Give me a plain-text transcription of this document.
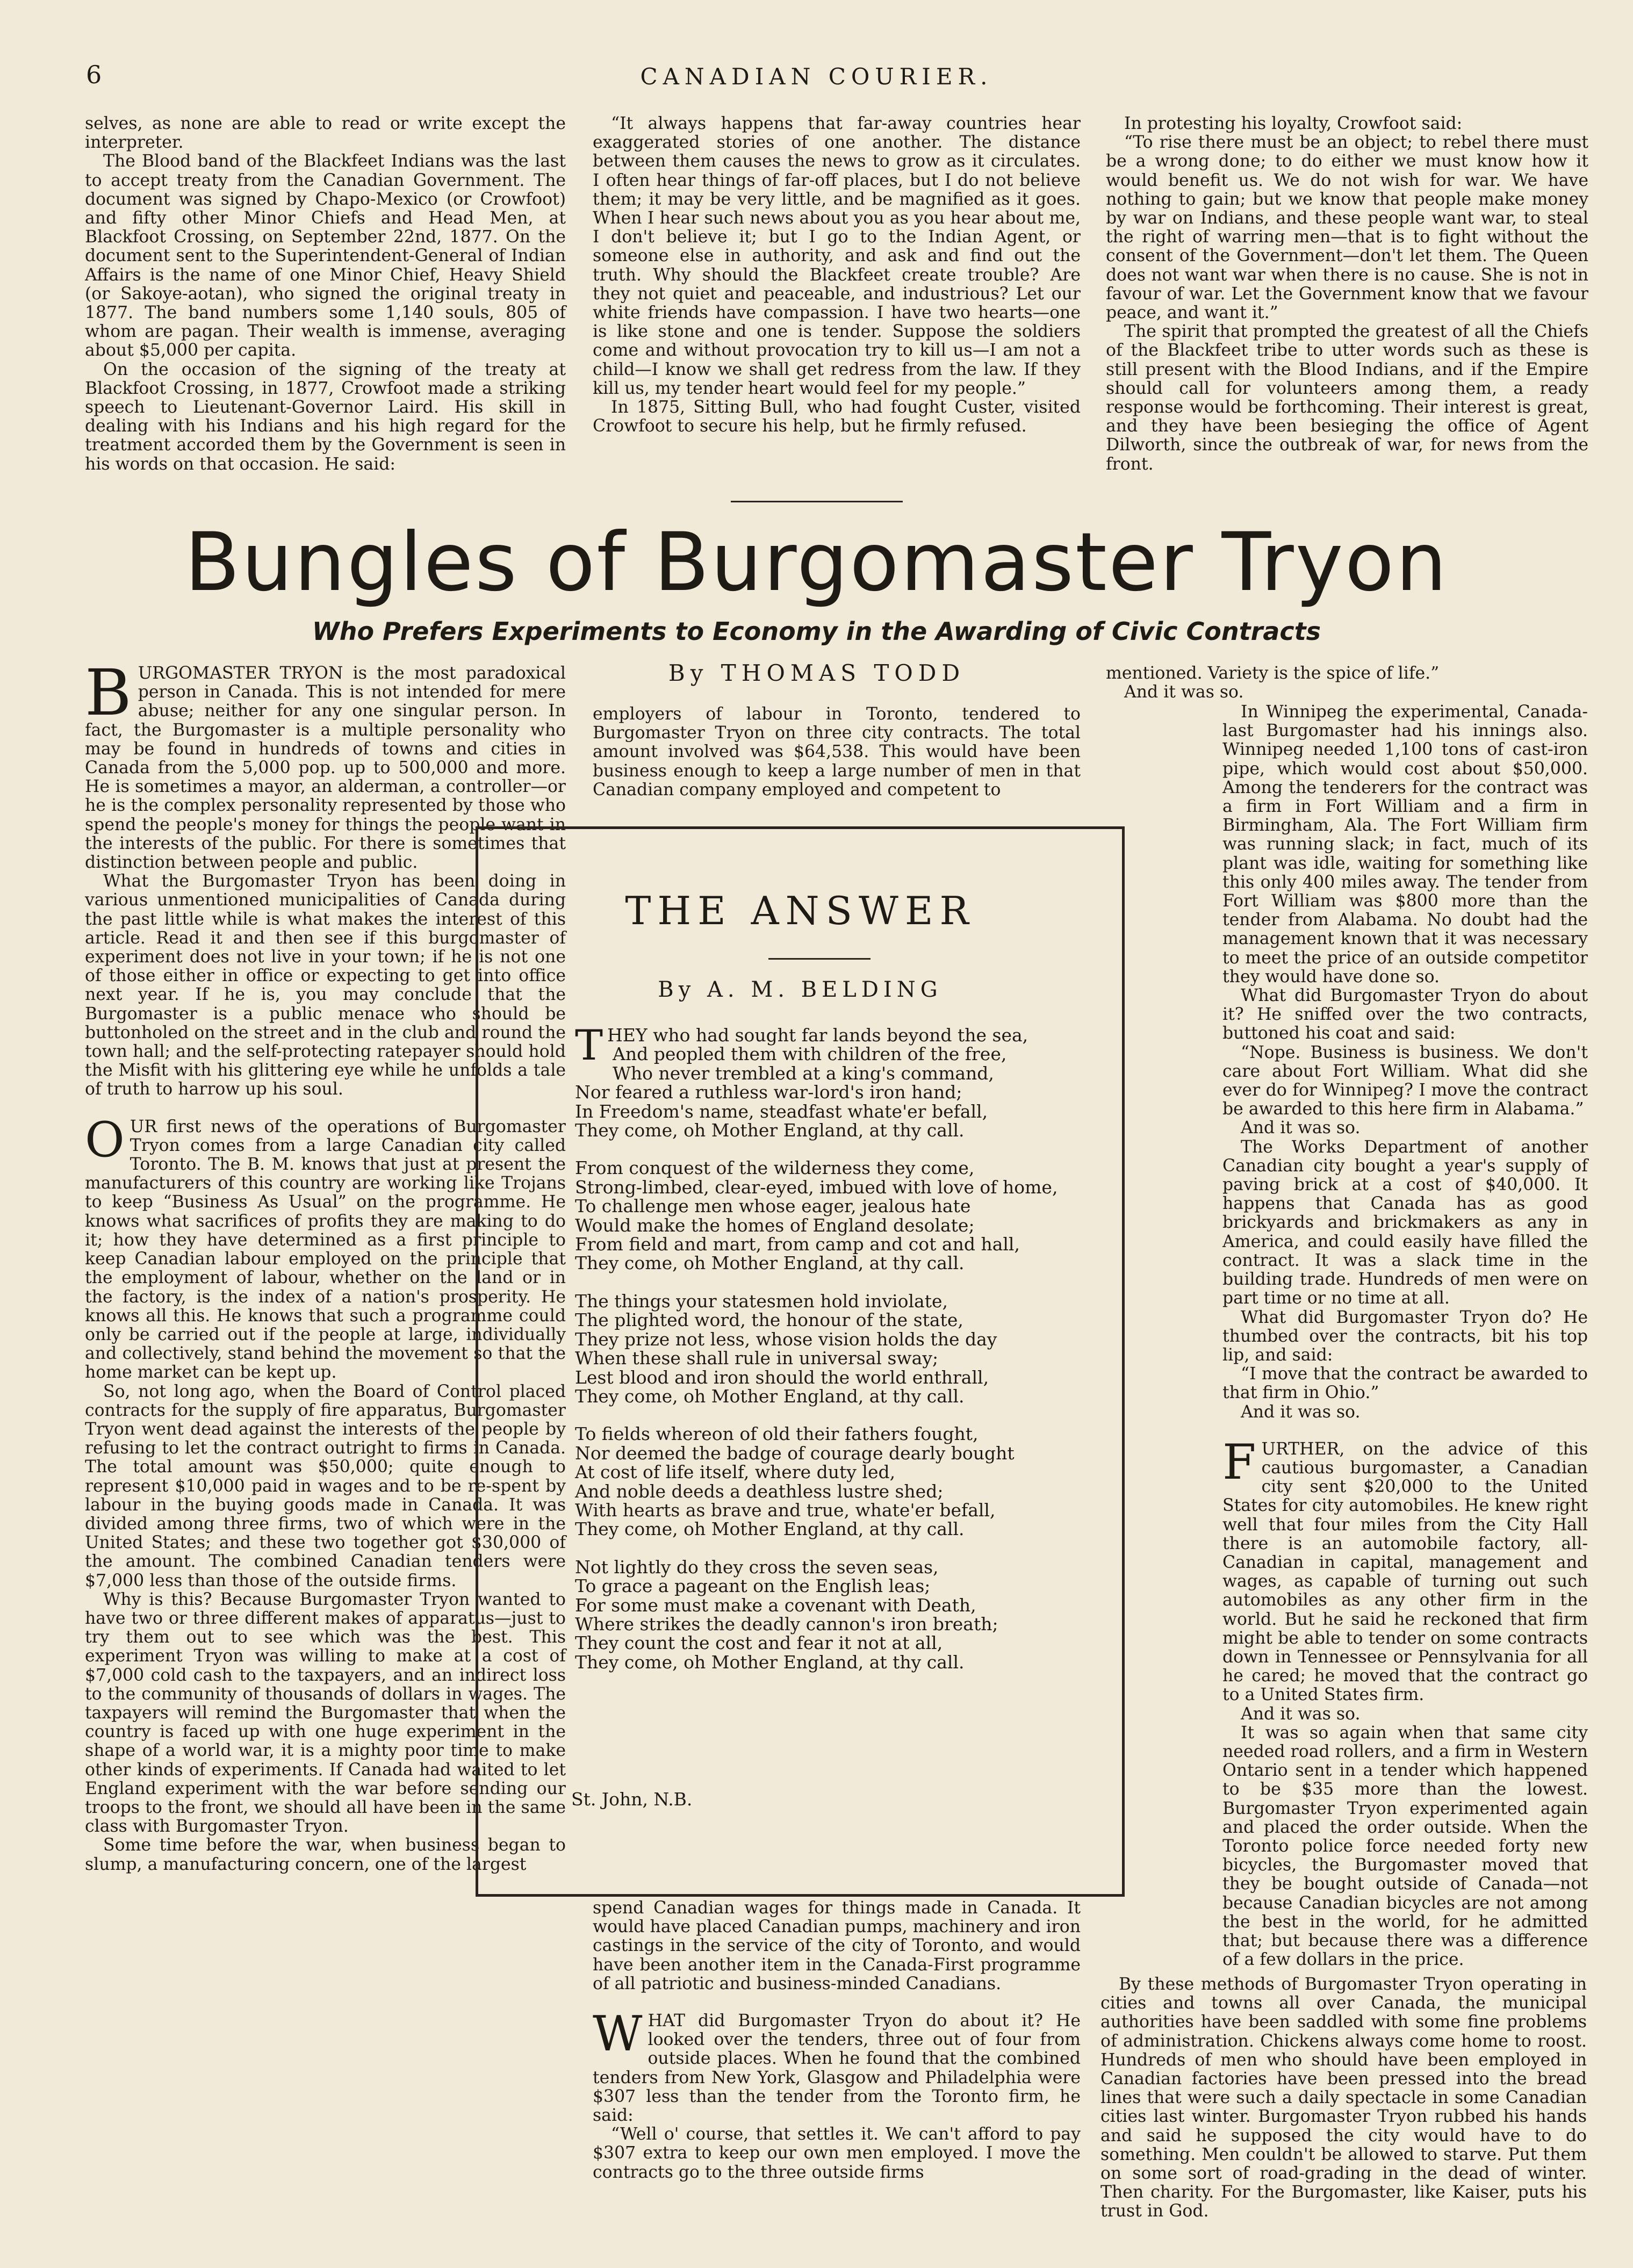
6	CANADIAN COURIER.

selves, as none are able to read or write except the interpreter.

The Blood band of the Blackfeet Indians was the last to accept treaty from the Canadian Government. The document was signed by Chapo-Mexico (or Crowfoot) and fifty other Minor Chiefs and Head Men, at Blackfoot Crossing, on September 22nd, 1877. On the document sent to the Superintendent-General of Indian Affairs is the name of one Minor Chief, Heavy Shield (or Sakoye-aotan), who signed the original treaty in 1877. The band numbers some 1,140 souls, 805 of whom are pagan. Their wealth is immense, averaging about $5,000 per capita.

On the occasion of the signing of the treaty at Blackfoot Crossing, in 1877, Crowfoot made a striking speech to Lieutenant-Governor Laird. His skill in dealing with his Indians and his high regard for the treatment accorded them by the Government is seen in his words on that occasion. He said:

“It always happens that far-away countries hear exaggerated stories of one another. The distance between them causes the news to grow as it circulates. I often hear things of far-off places, but I do not believe them; it may be very little, and be magnified as it goes. When I hear such news about you as you hear about me, I don't believe it; but I go to the Indian Agent, or someone else in authority, and ask and find out the truth. Why should the Blackfeet create trouble? Are they not quiet and peaceable, and industrious? Let our white friends have compassion. I have two hearts—one is like stone and one is tender. Suppose the soldiers come and without provocation try to kill us—I am not a child—I know we shall get redress from the law. If they kill us, my tender heart would feel for my people.”

In 1875, Sitting Bull, who had fought Custer, visited Crowfoot to secure his help, but he firmly refused.

In protesting his loyalty, Crowfoot said:

“To rise there must be an object; to rebel there must be a wrong done; to do either we must know how it would benefit us. We do not wish for war. We have nothing to gain; but we know that people make money by war on Indians, and these people want war, to steal the right of warring men—that is to fight without the consent of the Government—don't let them. The Queen does not want war when there is no cause. She is not in favour of war. Let the Government know that we favour peace, and want it.”

The spirit that prompted the greatest of all the Chiefs of the Blackfeet tribe to utter words such as these is still present with the Blood Indians, and if the Empire should call for volunteers among them, a ready response would be forthcoming. Their interest is great, and they have been besieging the office of Agent Dilworth, since the outbreak of war, for news from the front.

Bungles of Burgomaster Tryon
Who Prefers Experiments to Economy in the Awarding of Civic Contracts
By THOMAS TODD

BURGOMASTER TRYON is the most paradoxical person in Canada. This is not intended for mere abuse; neither for any one singular person. In fact, the Burgomaster is a multiple personality who may be found in hundreds of towns and cities in Canada from the 5,000 pop. up to 500,000 and more. He is sometimes a mayor, an alderman, a controller—or he is the complex personality represented by those who spend the people's money for things the people want in the interests of the public. For there is sometimes that distinction between people and public.

What the Burgomaster Tryon has been doing in various unmentioned municipalities of Canada during the past little while is what makes the interest of this article. Read it and then see if this burgomaster of experiment does not live in your town; if he is not one of those either in office or expecting to get into office next year. If he is, you may conclude that the Burgomaster is a public menace who should be buttonholed on the street and in the club and round the town hall; and the self-protecting ratepayer should hold the Misfit with his glittering eye while he unfolds a tale of truth to harrow up his soul.

OUR first news of the operations of Burgomaster Tryon comes from a large Canadian city called Toronto. The B. M. knows that just at present the manufacturers of this country are working like Trojans to keep “Business As Usual” on the programme. He knows what sacrifices of profits they are making to do it; how they have determined as a first principle to keep Canadian labour employed on the principle that the employment of labour, whether on the land or in the factory, is the index of a nation's prosperity. He knows all this. He knows that such a programme could only be carried out if the people at large, individually and collectively, stand behind the movement so that the home market can be kept up.

So, not long ago, when the Board of Control placed contracts for the supply of fire apparatus, Burgomaster Tryon went dead against the interests of the people by refusing to let the contract outright to firms in Canada. The total amount was $50,000; quite enough to represent $10,000 paid in wages and to be re-spent by labour in the buying goods made in Canada. It was divided among three firms, two of which were in the United States; and these two together got $30,000 of the amount. The combined Canadian tenders were $7,000 less than those of the outside firms.

Why is this? Because Burgomaster Tryon wanted to have two or three different makes of apparatus—just to try them out to see which was the best. This experiment Tryon was willing to make at a cost of $7,000 cold cash to the taxpayers, and an indirect loss to the community of thousands of dollars in wages. The taxpayers will remind the Burgomaster that when the country is faced up with one huge experiment in the shape of a world war, it is a mighty poor time to make other kinds of experiments. If Canada had waited to let England experiment with the war before sending our troops to the front, we should all have been in the same class with Burgomaster Tryon.

Some time before the war, when business began to slump, a manufacturing concern, one of the largest

employers of labour in Toronto, tendered to Burgomaster Tryon on three city contracts. The total amount involved was $64,538. This would have been business enough to keep a large number of men in that Canadian company employed and competent to

THE ANSWER
By A. M. BELDING
THEY who had sought far lands beyond the sea,
And peopled them with children of the free,
Who never trembled at a king's command,
Nor feared a ruthless war-lord's iron hand;
In Freedom's name, steadfast whate'er befall,
They come, oh Mother England, at thy call.
From conquest of the wilderness they come,
Strong-limbed, clear-eyed, imbued with love of home,
To challenge men whose eager, jealous hate
Would make the homes of England desolate;
From field and mart, from camp and cot and hall,
They come, oh Mother England, at thy call.
The things your statesmen hold inviolate,
The plighted word, the honour of the state,
They prize not less, whose vision holds the day
When these shall rule in universal sway;
Lest blood and iron should the world enthrall,
They come, oh Mother England, at thy call.
To fields whereon of old their fathers fought,
Nor deemed the badge of courage dearly bought
At cost of life itself, where duty led,
And noble deeds a deathless lustre shed;
With hearts as brave and true, whate'er befall,
They come, oh Mother England, at thy call.
Not lightly do they cross the seven seas,
To grace a pageant on the English leas;
For some must make a covenant with Death,
Where strikes the deadly cannon's iron breath;
They count the cost and fear it not at all,
They come, oh Mother England, at thy call.
St. John, N.B.

spend Canadian wages for things made in Canada. It would have placed Canadian pumps, machinery and iron castings in the service of the city of Toronto, and would have been another item in the Canada-First programme of all patriotic and business-minded Canadians.

WHAT did Burgomaster Tryon do about it? He looked over the tenders, three out of four from outside places. When he found that the combined tenders from New York, Glasgow and Philadelphia were $307 less than the tender from the Toronto firm, he said:

“Well o' course, that settles it. We can't afford to pay $307 extra to keep our own men employed. I move the contracts go to the three outside firms

mentioned. Variety is the spice of life.”

And it was so.

In Winnipeg the experimental, Canada-last Burgomaster had his innings also. Winnipeg needed 1,100 tons of cast-iron pipe, which would cost about $50,000. Among the tenderers for the contract was a firm in Fort William and a firm in Birmingham, Ala. The Fort William firm was running slack; in fact, much of its plant was idle, waiting for something like this only 400 miles away. The tender from Fort William was $800 more than the tender from Alabama. No doubt had the management known that it was necessary to meet the price of an outside competitor they would have done so.

What did Burgomaster Tryon do about it? He sniffed over the two contracts, buttoned his coat and said:

“Nope. Business is business. We don't care about Fort William. What did she ever do for Winnipeg? I move the contract be awarded to this here firm in Alabama.”

And it was so.

The Works Department of another Canadian city bought a year's supply of paving brick at a cost of $40,000. It happens that Canada has as good brickyards and brickmakers as any in America, and could easily have filled the contract. It was a slack time in the building trade. Hundreds of men were on part time or no time at all.

What did Burgomaster Tryon do? He thumbed over the contracts, bit his top lip, and said:

“I move that the contract be awarded to that firm in Ohio.”

And it was so.

FURTHER, on the advice of this cautious burgomaster, a Canadian city sent $20,000 to the United States for city automobiles. He knew right well that four miles from the City Hall there is an automobile factory, all-Canadian in capital, management and wages, as capable of turning out such automobiles as any other firm in the world. But he said he reckoned that firm might be able to tender on some contracts down in Tennessee or Pennsylvania for all he cared; he moved that the contract go to a United States firm.

And it was so.

It was so again when that same city needed road rollers, and a firm in Western Ontario sent in a tender which happened to be $35 more than the lowest. Burgomaster Tryon experimented again and placed the order outside. When the Toronto police force needed forty new bicycles, the Burgomaster moved that they be bought outside of Canada—not because Canadian bicycles are not among the best in the world, for he admitted that; but because there was a difference of a few dollars in the price.

By these methods of Burgomaster Tryon operating in cities and towns all over Canada, the municipal authorities have been saddled with some fine problems of administration. Chickens always come home to roost. Hundreds of men who should have been employed in Canadian factories have been pressed into the bread lines that were such a daily spectacle in some Canadian cities last winter. Burgomaster Tryon rubbed his hands and said he supposed the city would have to do something. Men couldn't be allowed to starve. Put them on some sort of road-grading in the dead of winter. Then charity. For the Burgomaster, like Kaiser, puts his trust in God.
